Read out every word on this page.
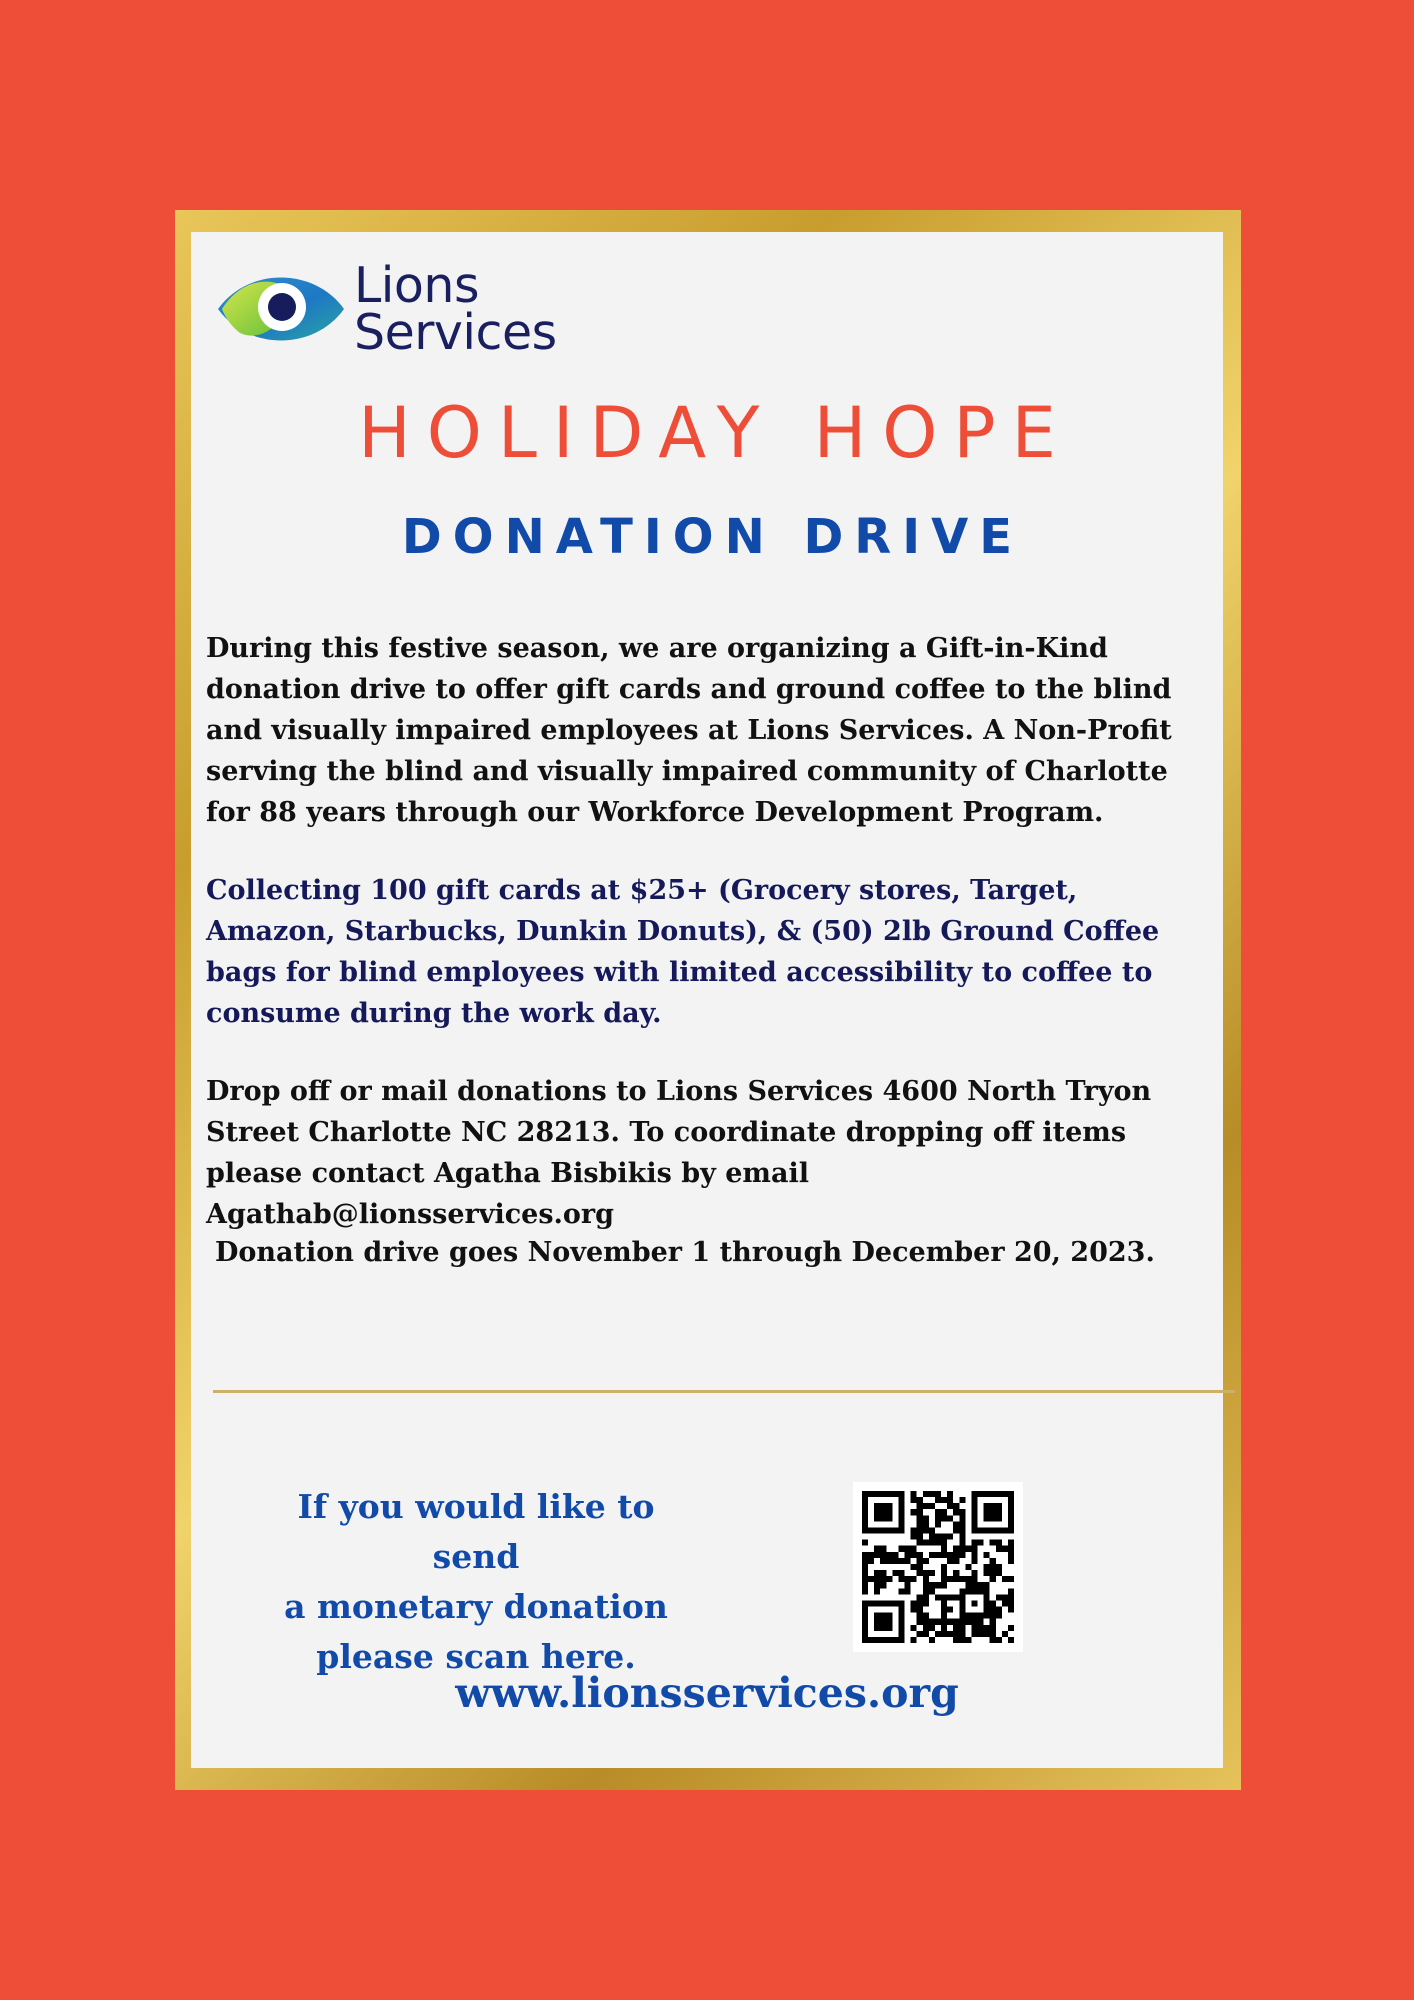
Lions
Services
HOLIDAY HOPE
DONATION DRIVE

During this festive season, we are organizing a Gift-in-Kind donation drive to offer gift cards and ground coffee to the blind and visually impaired employees at Lions Services. A Non-Profit serving the blind and visually impaired community of Charlotte for 88 years through our Workforce Development Program.

Collecting 100 gift cards at $25+ (Grocery stores, Target, Amazon, Starbucks, Dunkin Donuts), & (50) 2lb Ground Coffee bags for blind employees with limited accessibility to coffee to consume during the work day.

Drop off or mail donations to Lions Services 4600 North Tryon Street Charlotte NC 28213. To coordinate dropping off items please contact Agatha Bisbikis by email Agathab@lionsservices.org

Donation drive goes November 1 through December 20, 2023.

If you would like to send
a monetary donation
please scan here.
www.lionsservices.org
